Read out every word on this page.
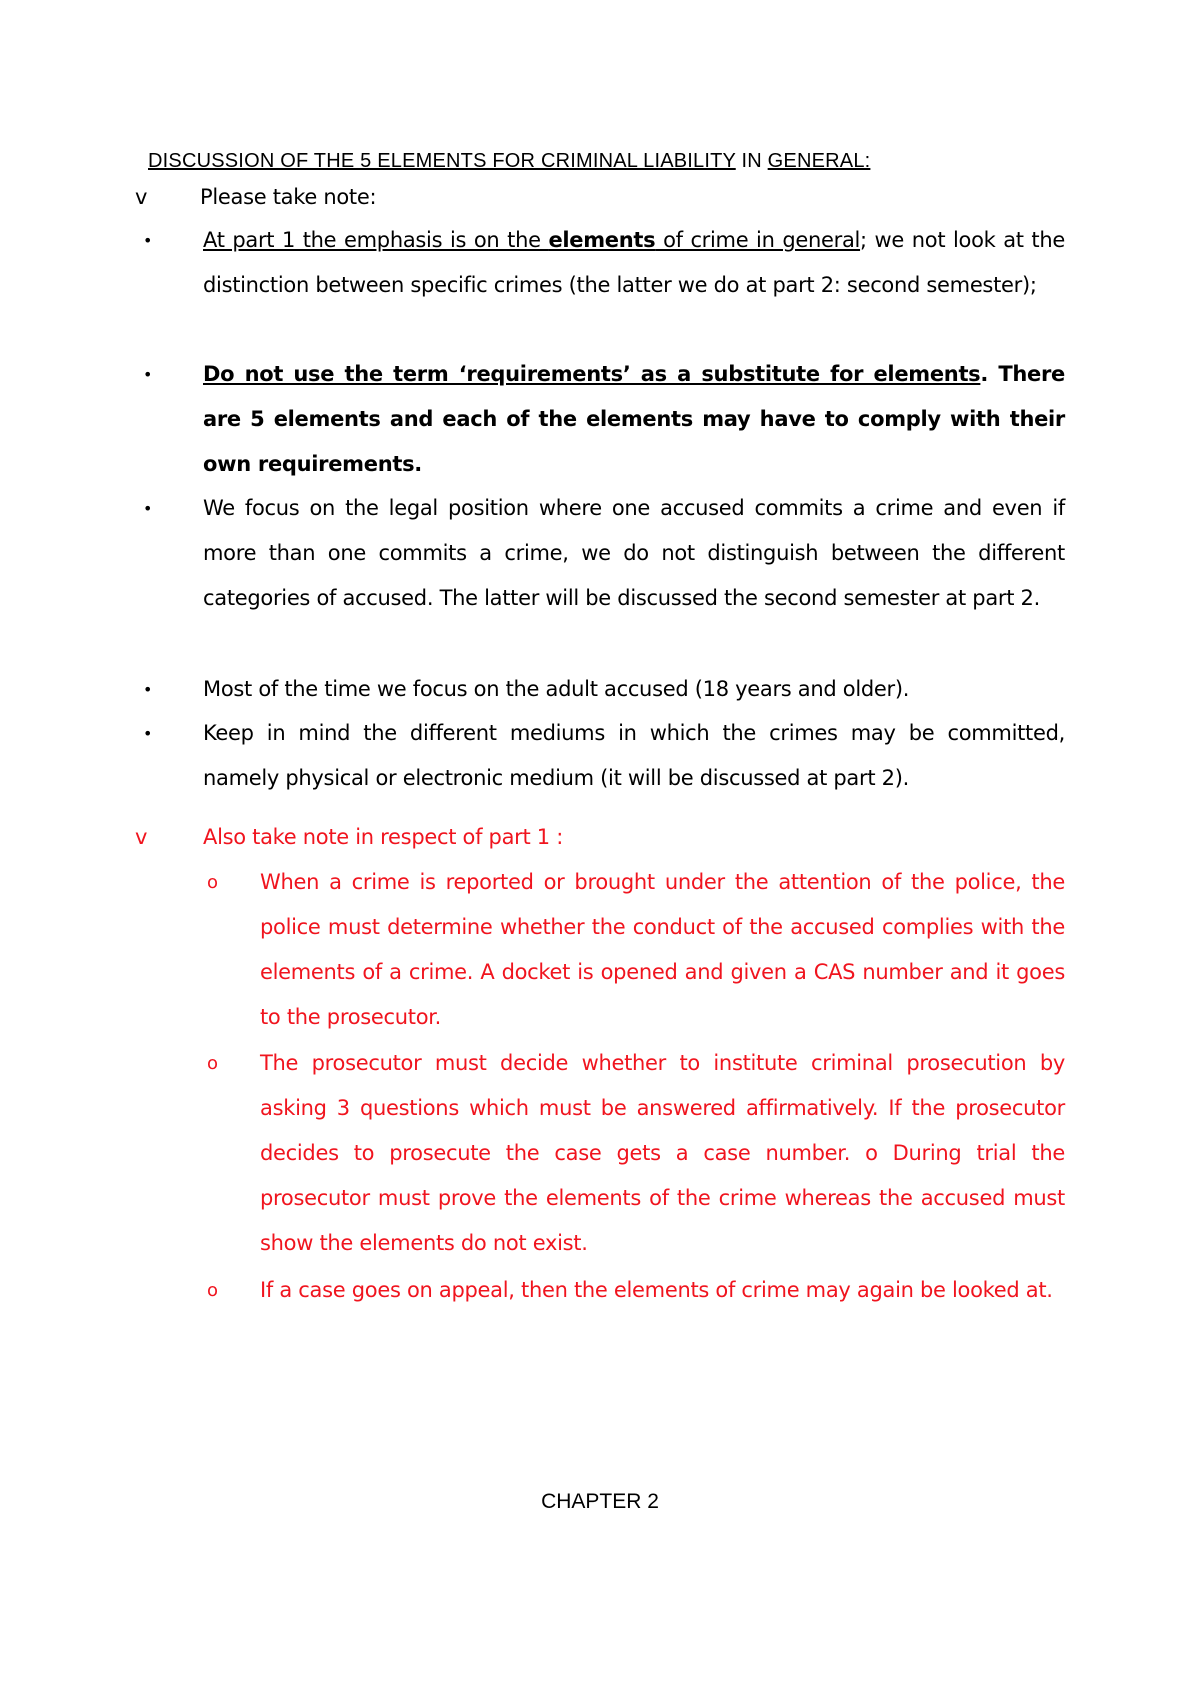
DISCUSSION OF THE 5 ELEMENTS FOR CRIMINAL LIABILITY IN GENERAL:
v	Please take note:
• At part 1 the emphasis is on the elements of crime in general; we not look at the distinction between specific crimes (the latter we do at part 2: second semester);
• Do not use the term ‘requirements’ as a substitute for elements. There are 5 elements and each of the elements may have to comply with their own requirements.
• We focus on the legal position where one accused commits a crime and even if more than one commits a crime, we do not distinguish between the different categories of accused. The latter will be discussed the second semester at part 2.
• Most of the time we focus on the adult accused (18 years and older).
• Keep in mind the different mediums in which the crimes may be committed, namely physical or electronic medium (it will be discussed at part 2).
v	Also take note in respect of part 1 :
o When a crime is reported or brought under the attention of the police, the police must determine whether the conduct of the accused complies with the elements of a crime. A docket is opened and given a CAS number and it goes to the prosecutor.
o The prosecutor must decide whether to institute criminal prosecution by asking 3 questions which must be answered affirmatively. If the prosecutor decides to prosecute the case gets a case number. o During trial the prosecutor must prove the elements of the crime whereas the accused must show the elements do not exist.
o If a case goes on appeal, then the elements of crime may again be looked at.
CHAPTER 2
